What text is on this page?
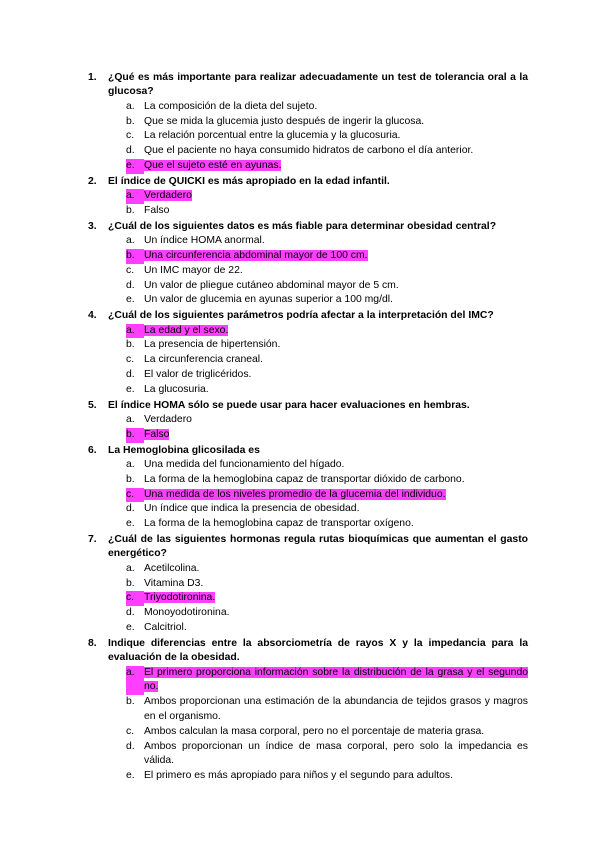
1.	¿Qué es más importante para realizar adecuadamente un test de tolerancia oral a la glucosa?
a. La composición de la dieta del sujeto.
b. Que se mida la glucemia justo después de ingerir la glucosa.
c. La relación porcentual entre la glucemia y la glucosuria.
d. Que el paciente no haya consumido hidratos de carbono el día anterior.
e. Que el sujeto esté en ayunas.
2.	El índice de QUICKI es más apropiado en la edad infantil.
a. Verdadero
b. Falso
3.	¿Cuál de los siguientes datos es más fiable para determinar obesidad central?
a. Un índice HOMA anormal.
b. Una circunferencia abdominal mayor de 100 cm.
c. Un IMC mayor de 22.
d. Un valor de pliegue cutáneo abdominal mayor de 5 cm.
e. Un valor de glucemia en ayunas superior a 100 mg/dl.
4.	¿Cuál de los siguientes parámetros podría afectar a la interpretación del IMC?
a. La edad y el sexo.
b. La presencia de hipertensión.
c. La circunferencia craneal.
d. El valor de triglicéridos.
e. La glucosuria.
5.	El índice HOMA sólo se puede usar para hacer evaluaciones en hembras.
a. Verdadero
b. Falso
6.	La Hemoglobina glicosilada es
a. Una medida del funcionamiento del hígado.
b. La forma de la hemoglobina capaz de transportar dióxido de carbono.
c. Una medida de los niveles promedio de la glucemia del individuo.
d. Un índice que indica la presencia de obesidad.
e. La forma de la hemoglobina capaz de transportar oxígeno.
7.	¿Cuál de las siguientes hormonas regula rutas bioquímicas que aumentan el gasto energético?
a. Acetilcolina.
b. Vitamina D3.
c. Triyodotironina.
d. Monoyodotironina.
e. Calcitriol.
8.	Indique diferencias entre la absorciometría de rayos X y la impedancia para la evaluación de la obesidad.
a. El primero proporciona información sobre la distribución de la grasa y el segundo no.
b. Ambos proporcionan una estimación de la abundancia de tejidos grasos y magros en el organismo.
c. Ambos calculan la masa corporal, pero no el porcentaje de materia grasa.
d. Ambos proporcionan un índice de masa corporal, pero solo la impedancia es válida.
e. El primero es más apropiado para niños y el segundo para adultos.
